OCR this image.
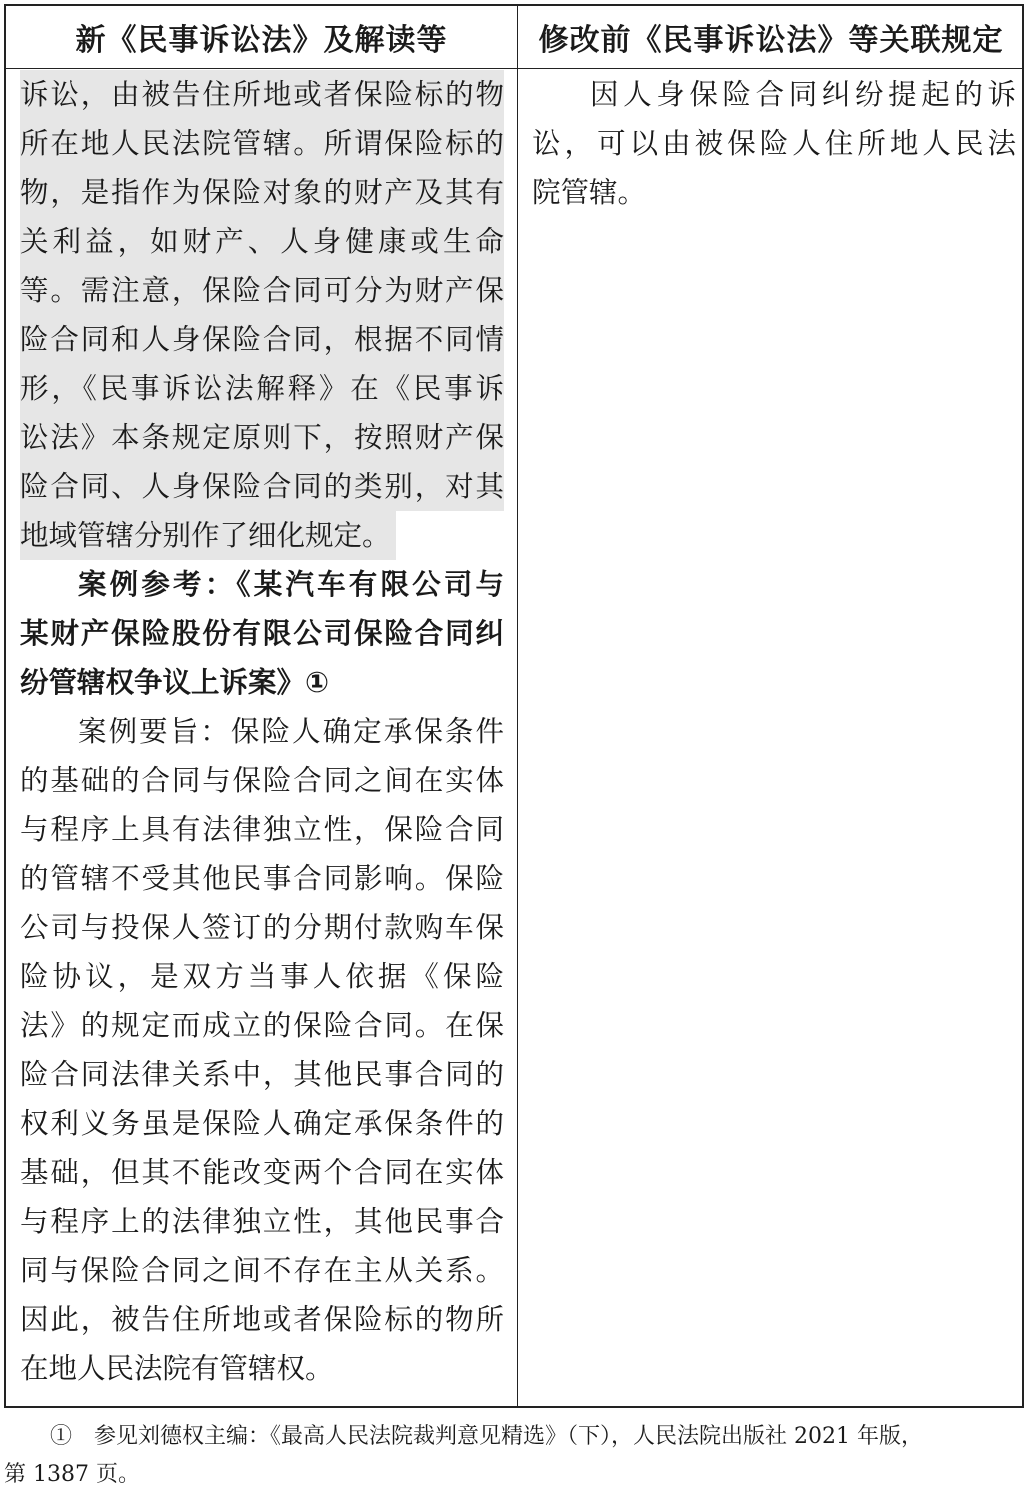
新《民事诉讼法》及解读等	修改前《民事诉讼法》等关联规定
诉讼，由被告住所地或者保险标的物
所在地人民法院管辖。所谓保险标的
物，是指作为保险对象的财产及其有
关利益，如财产、人身健康或生命
等。需注意，保险合同可分为财产保
险合同和人身保险合同，根据不同情
形，《民事诉讼法解释》在《民事诉
讼法》本条规定原则下，按照财产保
险合同、人身保险合同的类别，对其
地域管辖分别作了细化规定。
案例参考：《某汽车有限公司与
某财产保险股份有限公司保险合同纠
纷管辖权争议上诉案》①
案例要旨：保险人确定承保条件
的基础的合同与保险合同之间在实体
与程序上具有法律独立性，保险合同
的管辖不受其他民事合同影响。保险
公司与投保人签订的分期付款购车保
险协议，是双方当事人依据《保险
法》的规定而成立的保险合同。在保
险合同法律关系中，其他民事合同的
权利义务虽是保险人确定承保条件的
基础，但其不能改变两个合同在实体
与程序上的法律独立性，其他民事合
同与保险合同之间不存在主从关系。
因此，被告住所地或者保险标的物所
在地人民法院有管辖权。
因人身保险合同纠纷提起的诉
讼，可以由被保险人住所地人民法
院管辖。
①　参见刘德权主编：《最高人民法院裁判意见精选》（下），人民法院出版社 2021 年版，
第 1387 页。
